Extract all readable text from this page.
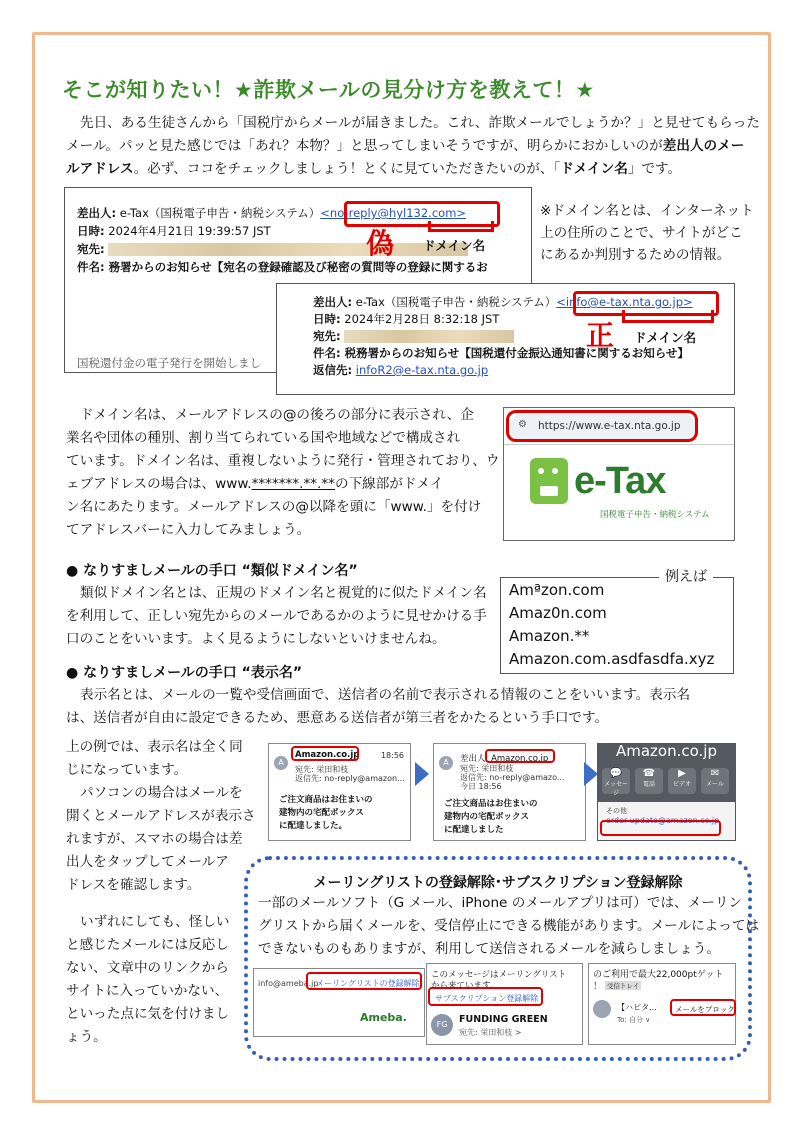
そこが知りたい！★詐欺メールの見分け方を教えて！★

先日、ある生徒さんから「国税庁からメールが届きました。これ、詐欺メールでしょうか？」と見せてもらった

メール。パッと見た感じでは「あれ？本物？」と思ってしまいそうですが、明らかにおかしいのが差出人のメー

ルアドレス。必ず、ココをチェックしましょう！とくに見ていただきたいのが、「ドメイン名」です。

差出人: e-Tax（国税電子申告・納税システム）<no-reply@hyl132.com>
日時: 2024年4月21日 19:39:57 JST
宛先:
件名: 務署からのお知らせ【宛名の登録確認及び秘密の質問等の登録に関するお
国税還付金の電子発行を開始しまし
偽 ドメイン名
※ドメイン名とは、インターネット
上の住所のことで、サイトがどこ
にあるか判別するための情報。
差出人: e-Tax（国税電子申告・納税システム）<info@e-tax.nta.go.jp>
日時: 2024年2月28日 8:32:18 JST
宛先:
件名: 税務署からのお知らせ【国税還付金振込通知書に関するお知らせ】
返信先: infoR2@e-tax.nta.go.jp
正 ドメイン名

ドメイン名は、メールアドレスの@の後ろの部分に表示され、企

業名や団体の種別、割り当てられている国や地域などで構成され

ています。ドメイン名は、重複しないように発行・管理されており、ウ

ェブアドレスの場合は、www.*******.**.**の下線部がドメイ

ン名にあたります。メールアドレスの@以降を頭に「www.」を付け

てアドレスバーに入力してみましょう。

⚙ https://www.e-tax.nta.go.jp
e-Tax
国税電子申告・納税システム
● なりすましメールの手口 “類似ドメイン名”

類似ドメイン名とは、正規のドメイン名と視覚的に似たドメイン名

を利用して、正しい宛先からのメールであるかのように見せかける手

口のことをいいます。よく見るようにしないといけませんね。

例えば
Amªzon.com
Amaz0n.com
Amazon.**
Amazon.com.asdfasdfa.xyz
● なりすましメールの手口 “表示名”

表示名とは、メールの一覧や受信画面で、送信者の名前で表示される情報のことをいいます。表示名

は、送信者が自由に設定できるため、悪意ある送信者が第三者をかたるという手口です。

上の例では、表示名は全く同

じになっています。

パソコンの場合はメールを

開くとメールアドレスが表示さ

れますが、スマホの場合は差

出人をタップしてメールア

ドレスを確認します。

いずれにしても、怪しい

と感じたメールには反応し

ない、文章中のリンクから

サイトに入っていかない、

といった点に気を付けまし

ょう。

A
Amazon.co.jp	18:56
宛先: 栄田和枝
返信先: no-reply@amazon...
ご注文商品はお住まいの
建物内の宅配ボックス
に配達しました。
A	差出人: Amazon.co.jp
宛先: 栄田和枝
返信先: no-reply@amazo...
今日 18:56
ご注文商品はお住まいの
建物内の宅配ボックス
に配達しました
Amazon.co.jp
💬
メッセージ
☎
電話
▶
ビデオ
✉
メール
その他
order-update@amazon.co.jp
メーリングリストの登録解除･サブスクリプション登録解除

一部のメールソフト（G メール、iPhone のメールアプリは可）では、メーリン

グリストから届くメールを、受信停止にできる機能があります。メールによっては

できないものもありますが、利用して送信されるメールを減らしましょう。

info@ameba.jp
メーリングリストの登録解除
Ameba.
このメッセージはメーリングリスト
から来ています。
サブスクリプション登録解除
FG	FUNDING GREEN
宛先: 栄田和枝 >
のご利用で最大22,000ptゲット
！ 受信トレイ
【ハピタ...
To: 自分 ∨
メールをブロック
